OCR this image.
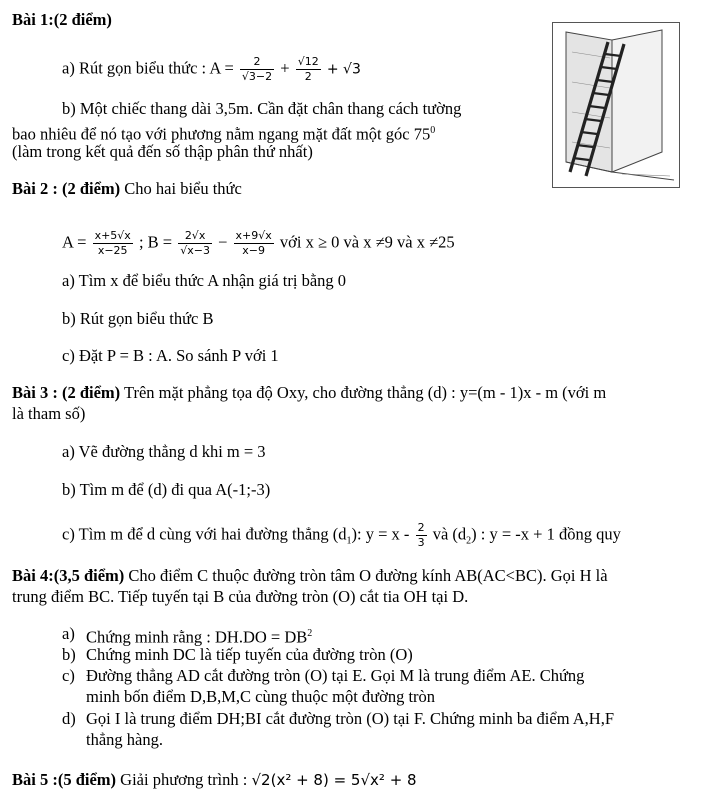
Bài 1:(2 điểm)
a) Rút gọn biểu thức : $A = \frac{2}{√3-2} + \frac{√12}{2} + √3$
b) Một chiếc thang dài 3,5m. Cần đặt chân thang cách tường
bao nhiêu để nó tạo với phương nằm ngang mặt đất một góc $75^0$
(làm trong kết quả đến số thập phân thứ nhất)
Bài 2 : (2 điểm) Cho hai biểu thức
$A = \frac{x+5√x}{x-25}$ ; $B = \frac{2√x}{√x-3} - \frac{x+9√x}{x-9}$ với x ≥ 0 và x ≠9 và x ≠25
a) Tìm x để biểu thức A nhận giá trị bằng 0
b) Rút gọn biểu thức B
c) Đặt P = B : A. So sánh P với 1
Bài 3 : (2 điểm) Trên mặt phẳng tọa độ Oxy, cho đường thẳng (d) : y=(m - 1)x - m (với m
là tham số)
a) Vẽ đường thẳng d khi m = 3
b) Tìm m để (d) đi qua A(-1;-3)
c) Tìm m để d cùng với hai đường thẳng $(d_1)$: $y = x - \frac{2}{3}$ và $(d_2)$ : y = -x + 1 đồng quy
Bài 4:(3,5 điểm) Cho điểm C thuộc đường tròn tâm O đường kính AB(AC<BC). Gọi H là
trung điểm BC. Tiếp tuyến tại B của đường tròn (O) cắt tia OH tại D.
a) Chứng minh rằng : $DH.DO = DB^2$
b) Chứng minh DC là tiếp tuyến của đường tròn (O)
c) Đường thẳng AD cắt đường tròn (O) tại E. Gọi M là trung điểm AE. Chứng
minh bốn điểm D,B,M,C cùng thuộc một đường tròn
d) Gọi I là trung điểm DH;BI cắt đường tròn (O) tại F. Chứng minh ba điểm A,H,F
thẳng hàng.
Bài 5 :(5 điểm) Giải phương trình : √2(x² + 8) = 5√x² + 8
